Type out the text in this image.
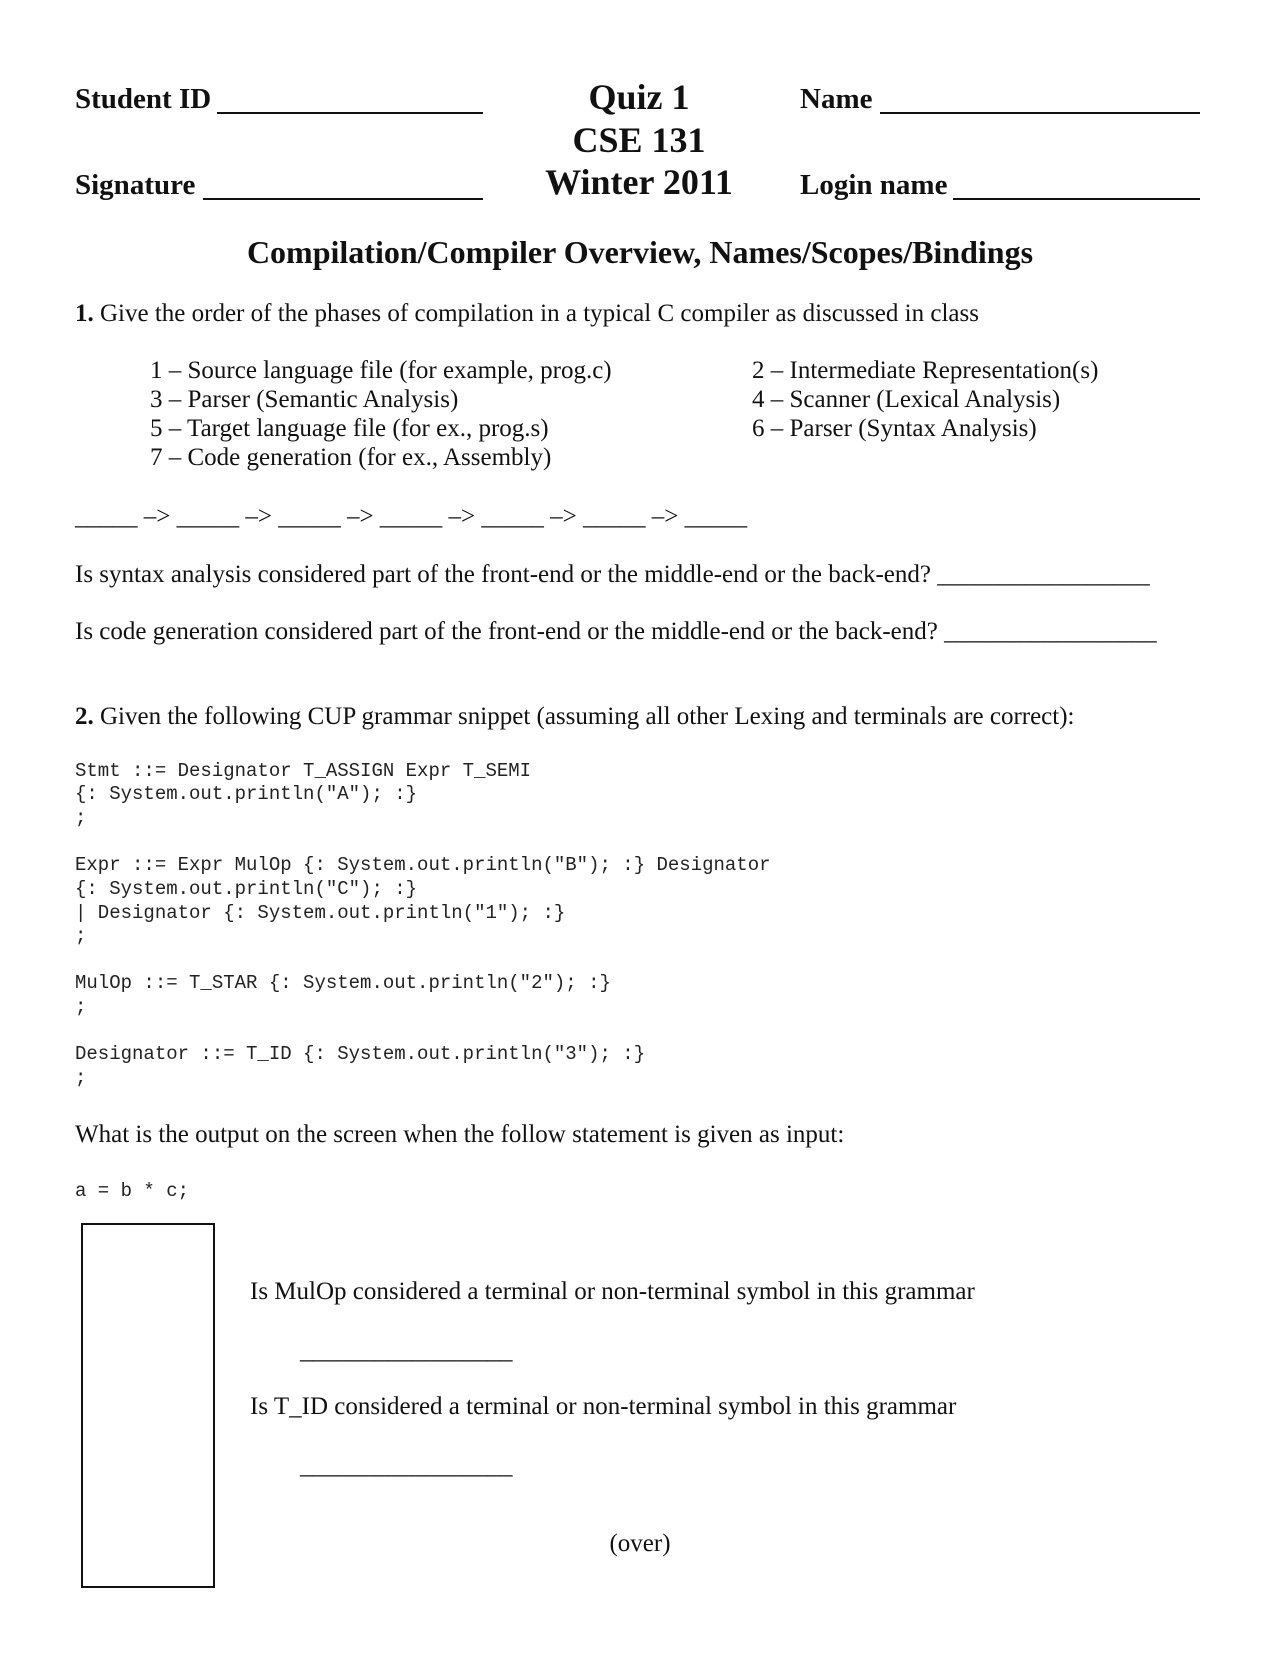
Student ID
Signature
Quiz 1
CSE 131
Winter 2011
Name
Login name
Compilation/Compiler Overview, Names/Scopes/Bindings
1. Give the order of the phases of compilation in a typical C compiler as discussed in class
1 – Source language file (for example, prog.c)	2 – Intermediate Representation(s)
3 – Parser (Semantic Analysis)	4 – Scanner (Lexical Analysis)
5 – Target language file (for ex., prog.s)	6 – Parser (Syntax Analysis)
7 – Code generation (for ex., Assembly)
_____ –> _____ –> _____ –> _____ –> _____ –> _____ –> _____
Is syntax analysis considered part of the front-end or the middle-end or the back-end? _________________
Is code generation considered part of the front-end or the middle-end or the back-end? _________________
2. Given the following CUP grammar snippet (assuming all other Lexing and terminals are correct):
Stmt ::= Designator T_ASSIGN Expr T_SEMI
{: System.out.println("A"); :}
;
Expr ::= Expr MulOp {: System.out.println("B"); :} Designator
{: System.out.println("C"); :}
| Designator {: System.out.println("1"); :}
;
MulOp ::= T_STAR {: System.out.println("2"); :}
;
Designator ::= T_ID {: System.out.println("3"); :}
;
What is the output on the screen when the follow statement is given as input:
a = b * c;
Is MulOp considered a terminal or non-terminal symbol in this grammar
_________________
Is T_ID considered a terminal or non-terminal symbol in this grammar
_________________
(over)
